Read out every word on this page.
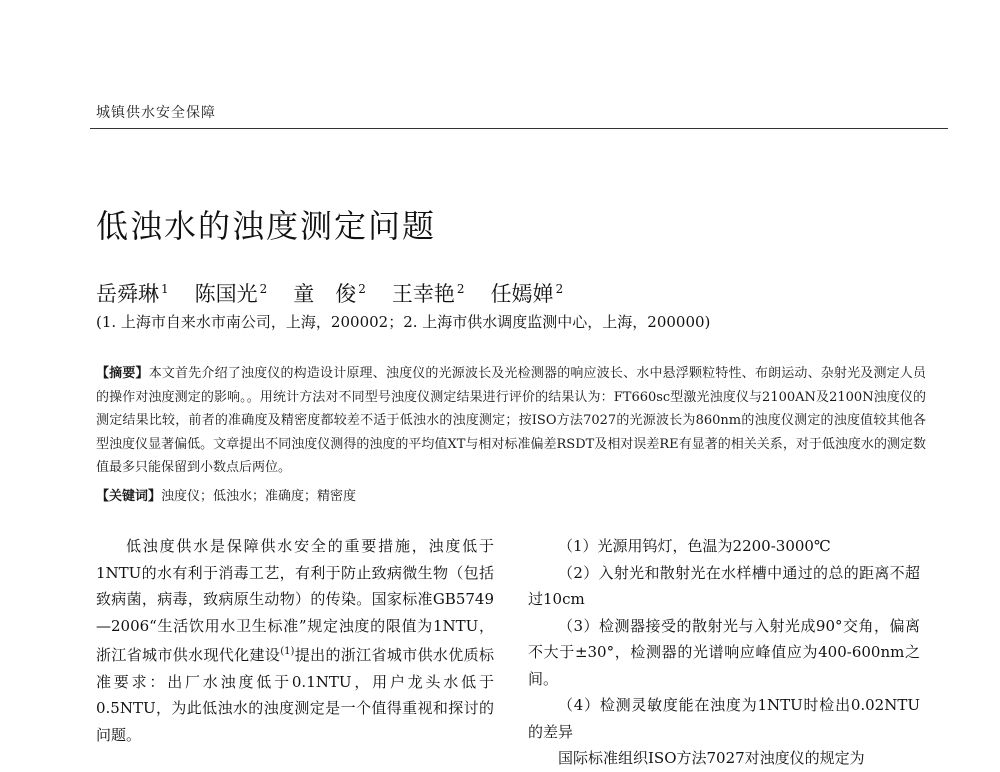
城镇供水安全保障
低浊水的浊度测定问题
岳舜琳 $^1$ 陈国光 $^2$ 童　俊 $^2$ 王幸艳 $^2$ 任嫣婵 $^2$
(1. 上海市自来水市南公司，上海，200002；2. 上海市供水调度监测中心，上海，200000)
【摘要】本文首先介绍了浊度仪的构造设计原理、浊度仪的光源波长及光检测器的响应波长、水中悬浮颗粒特性、布朗运动、杂射光及测定人员的操作对浊度测定的影响。。用统计方法对不同型号浊度仪测定结果进行评价的结果认为：FT660sc型激光浊度仪与2100AN及2100N浊度仪的测定结果比较，前者的准确度及精密度都较差不适于低浊水的浊度测定；按ISO方法7027的光源波长为860nm的浊度仪测定的浊度值较其他各型浊度仪显著偏低。文章提出不同浊度仪测得的浊度的平均值XT与相对标准偏差RSDT及相对误差RE有显著的相关关系，对于低浊度水的测定数值最多只能保留到小数点后两位。
【关键词】浊度仪；低浊水；准确度；精密度

低浊度供水是保障供水安全的重要措施，浊度低于1NTU的水有利于消毒工艺，有利于防止致病微生物（包括致病菌，病毒，致病原生动物）的传染。国家标准GB5749—2006“生活饮用水卫生标准”规定浊度的限值为1NTU，浙江省城市供水现代化建设$^{(1)}$提出的浙江省城市供水优质标准要求：出厂水浊度低于0.1NTU，用户龙头水低于0.5NTU，为此低浊水的浊度测定是一个值得重视和探讨的问题。

（1）光源用钨灯，色温为2200-3000℃

（2）入射光和散射光在水样槽中通过的总的距离不超过10cm

（3）检测器接受的散射光与入射光成90°交角，偏离不大于±30°，检测器的光谱响应峰值应为400-600nm之间。

（4）检测灵敏度能在浊度为1NTU时检出0.02NTU的差异

国际标准组织ISO方法7027对浊度仪的规定为
